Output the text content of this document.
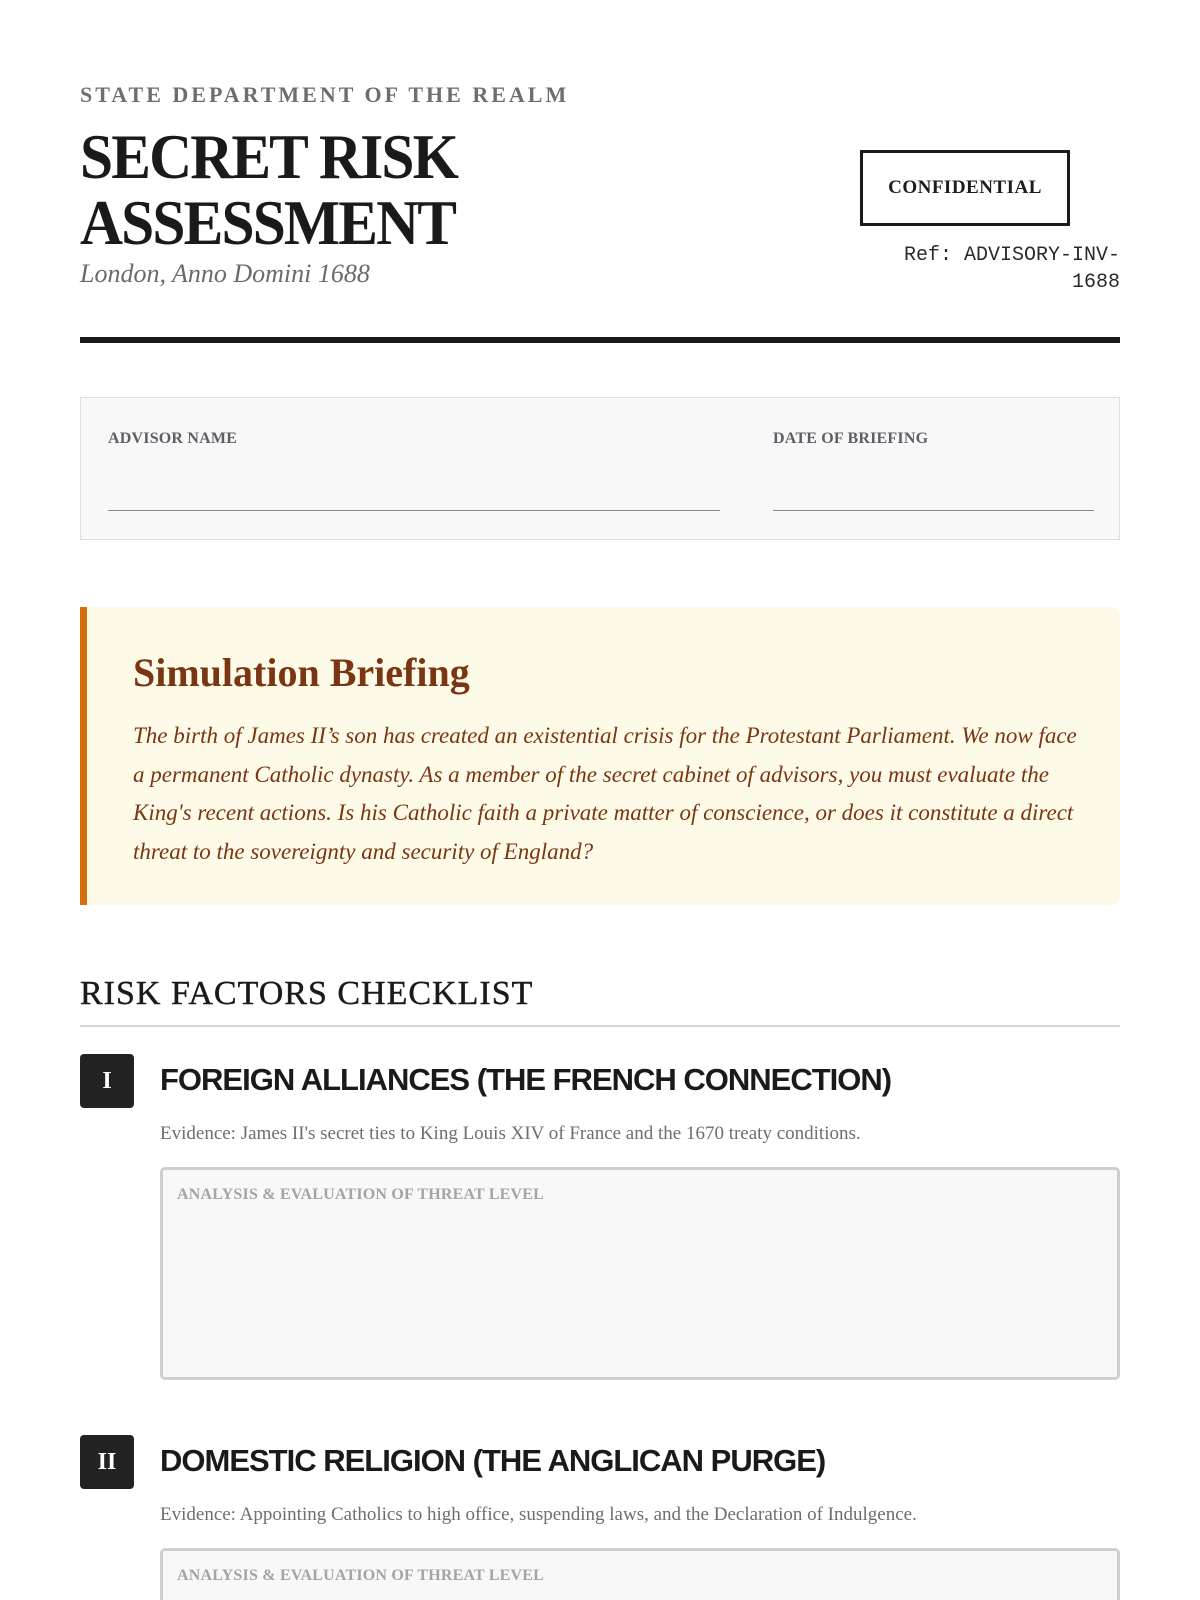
STATE DEPARTMENT OF THE REALM
SECRET RISK
ASSESSMENT
London, Anno Domini 1688
CONFIDENTIAL
Ref: ADVISORY-INV-
1688
ADVISOR NAME	DATE OF BRIEFING
Simulation Briefing
The birth of James II’s son has created an existential crisis for the Protestant Parliament. We now face a permanent Catholic dynasty. As a member of the secret cabinet of advisors, you must evaluate the King's recent actions. Is his Catholic faith a private matter of conscience, or does it constitute a direct threat to the sovereignty and security of England?
RISK FACTORS CHECKLIST
I	FOREIGN ALLIANCES (THE FRENCH CONNECTION)
Evidence: James II's secret ties to King Louis XIV of France and the 1670 treaty conditions.
ANALYSIS & EVALUATION OF THREAT LEVEL
II	DOMESTIC RELIGION (THE ANGLICAN PURGE)
Evidence: Appointing Catholics to high office, suspending laws, and the Declaration of Indulgence.
ANALYSIS & EVALUATION OF THREAT LEVEL
